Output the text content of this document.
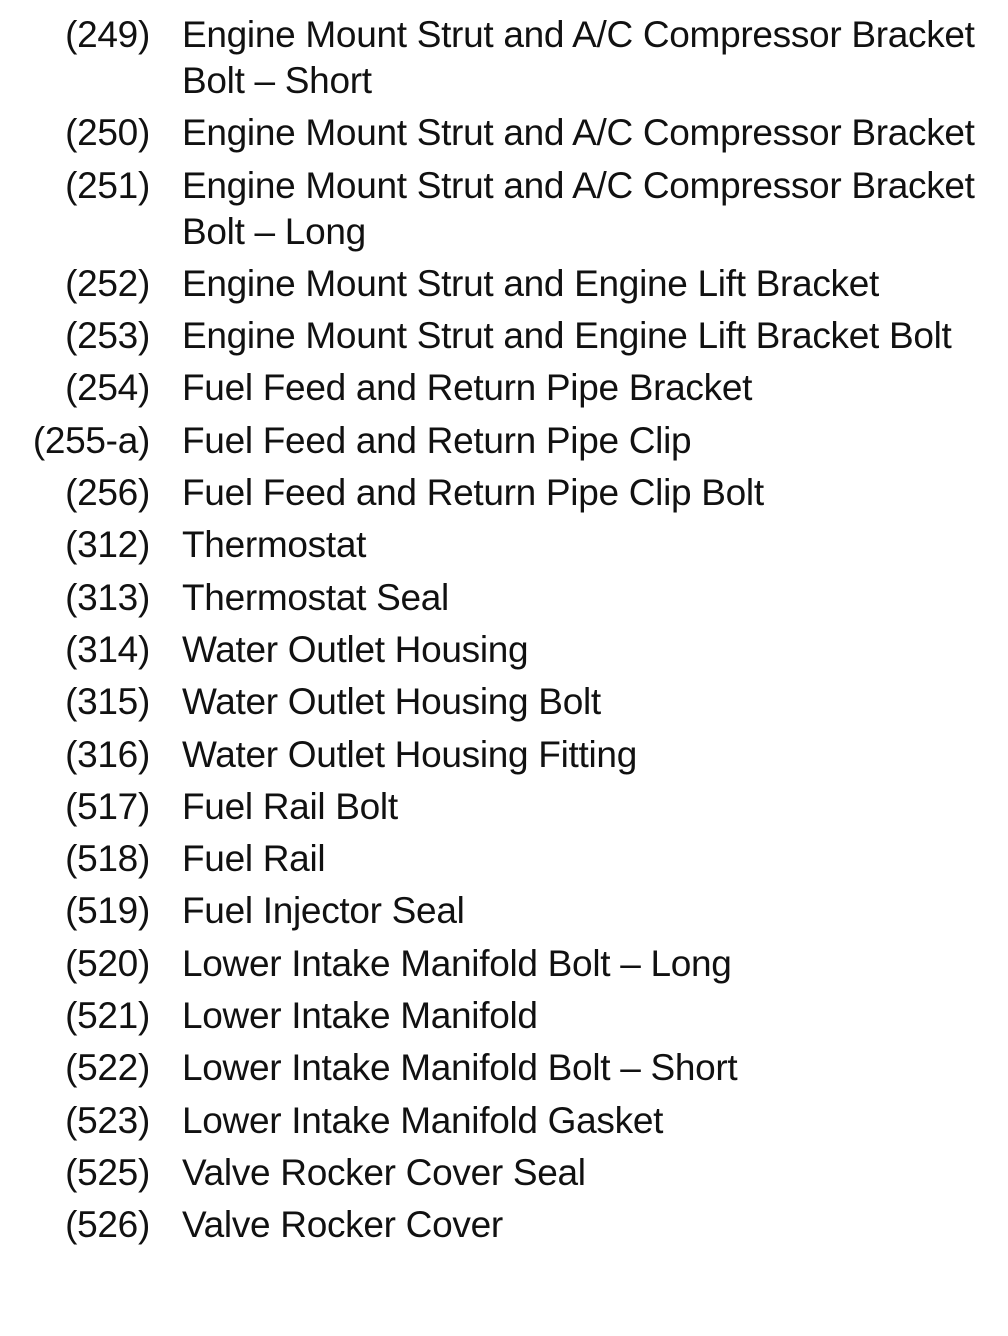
(249) Engine Mount Strut and A/C Compressor Bracket Bolt – Short
(250) Engine Mount Strut and A/C Compressor Bracket
(251) Engine Mount Strut and A/C Compressor Bracket Bolt – Long
(252) Engine Mount Strut and Engine Lift Bracket
(253) Engine Mount Strut and Engine Lift Bracket Bolt
(254) Fuel Feed and Return Pipe Bracket
(255-a) Fuel Feed and Return Pipe Clip
(256) Fuel Feed and Return Pipe Clip Bolt
(312) Thermostat
(313) Thermostat Seal
(314) Water Outlet Housing
(315) Water Outlet Housing Bolt
(316) Water Outlet Housing Fitting
(517) Fuel Rail Bolt
(518) Fuel Rail
(519) Fuel Injector Seal
(520) Lower Intake Manifold Bolt – Long
(521) Lower Intake Manifold
(522) Lower Intake Manifold Bolt – Short
(523) Lower Intake Manifold Gasket
(525) Valve Rocker Cover Seal
(526) Valve Rocker Cover
